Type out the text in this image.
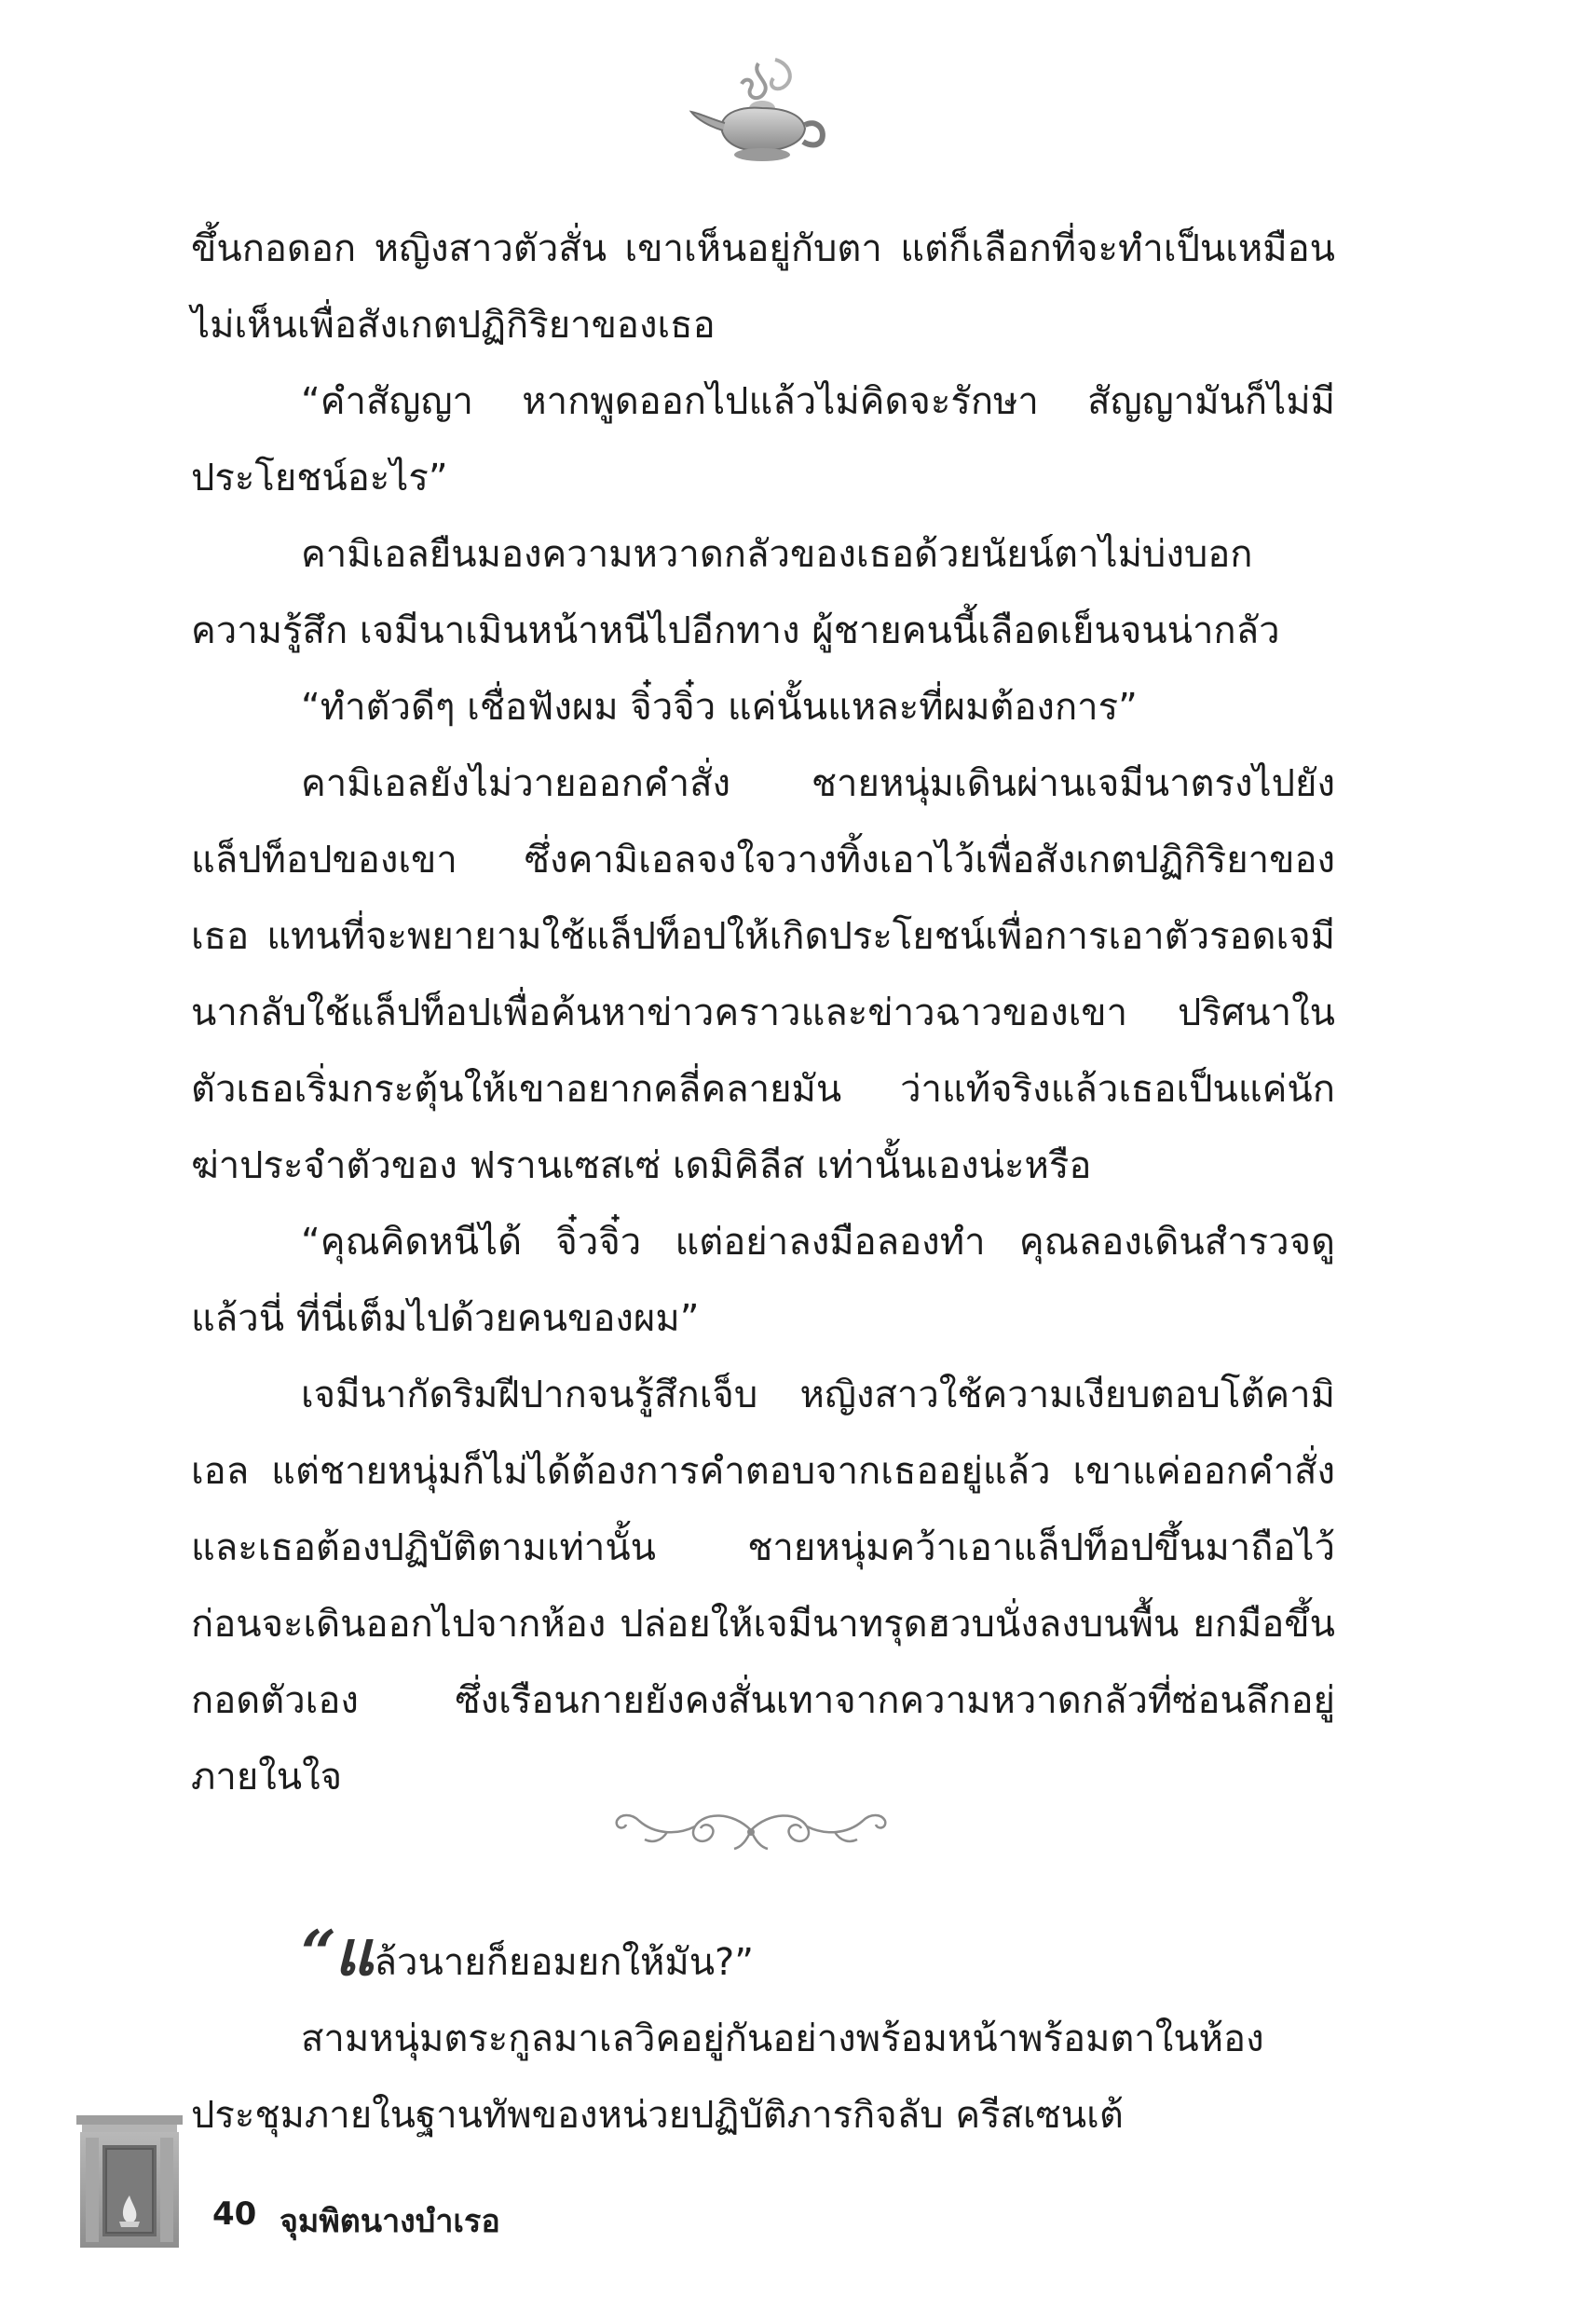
ขึ้นกอดอก หญิงสาวตัวสั่น เขาเห็นอยู่กับตา แต่ก็เลือกที่จะทำเป็นเหมือนไม่เห็นเพื่อสังเกตปฏิกิริยาของเธอ

“คำสัญญา หากพูดออกไปแล้วไม่คิดจะรักษา สัญญามันก็ไม่มีประโยชน์อะไร”

คามิเอลยืนมองความหวาดกลัวของเธอด้วยนัยน์ตาไม่บ่งบอกความรู้สึก เจมีนาเมินหน้าหนีไปอีกทาง ผู้ชายคนนี้เลือดเย็นจนน่ากลัว

“ทำตัวดีๆ เชื่อฟังผม จิ๋วจิ๋ว แค่นั้นแหละที่ผมต้องการ”

คามิเอลยังไม่วายออกคำสั่ง ชายหนุ่มเดินผ่านเจมีนาตรงไปยังแล็ปท็อปของเขา ซึ่งคามิเอลจงใจวางทิ้งเอาไว้เพื่อสังเกตปฏิกิริยาของเธอ แทนที่จะพยายามใช้แล็ปท็อปให้เกิดประโยชน์เพื่อการเอาตัวรอดเจมีนากลับใช้แล็ปท็อปเพื่อค้นหาข่าวคราวและข่าวฉาวของเขา ปริศนาในตัวเธอเริ่มกระตุ้นให้เขาอยากคลี่คลายมัน ว่าแท้จริงแล้วเธอเป็นแค่นักฆ่าประจำตัวของ ฟรานเซสเซ่ เดมิคิลีส เท่านั้นเองน่ะหรือ

“คุณคิดหนีได้ จิ๋วจิ๋ว แต่อย่าลงมือลองทำ คุณลองเดินสำรวจดูแล้วนี่ ที่นี่เต็มไปด้วยคนของผม”

เจมีนากัดริมฝีปากจนรู้สึกเจ็บ หญิงสาวใช้ความเงียบตอบโต้คามิเอล แต่ชายหนุ่มก็ไม่ได้ต้องการคำตอบจากเธออยู่แล้ว เขาแค่ออกคำสั่งและเธอต้องปฏิบัติตามเท่านั้น ชายหนุ่มคว้าเอาแล็ปท็อปขึ้นมาถือไว้ ก่อนจะเดินออกไปจากห้อง ปล่อยให้เจมีนาทรุดฮวบนั่งลงบนพื้น ยกมือขึ้นกอดตัวเอง ซึ่งเรือนกายยังคงสั่นเทาจากความหวาดกลัวที่ซ่อนลึกอยู่ภายในใจ

“แล้วนายก็ยอมยกให้มัน?”

สามหนุ่มตระกูลมาเลวิคอยู่กันอย่างพร้อมหน้าพร้อมตาในห้องประชุมภายในฐานทัพของหน่วยปฏิบัติภารกิจลับ ครีสเซนเต้

40 จุมพิตนางบำเรอ
